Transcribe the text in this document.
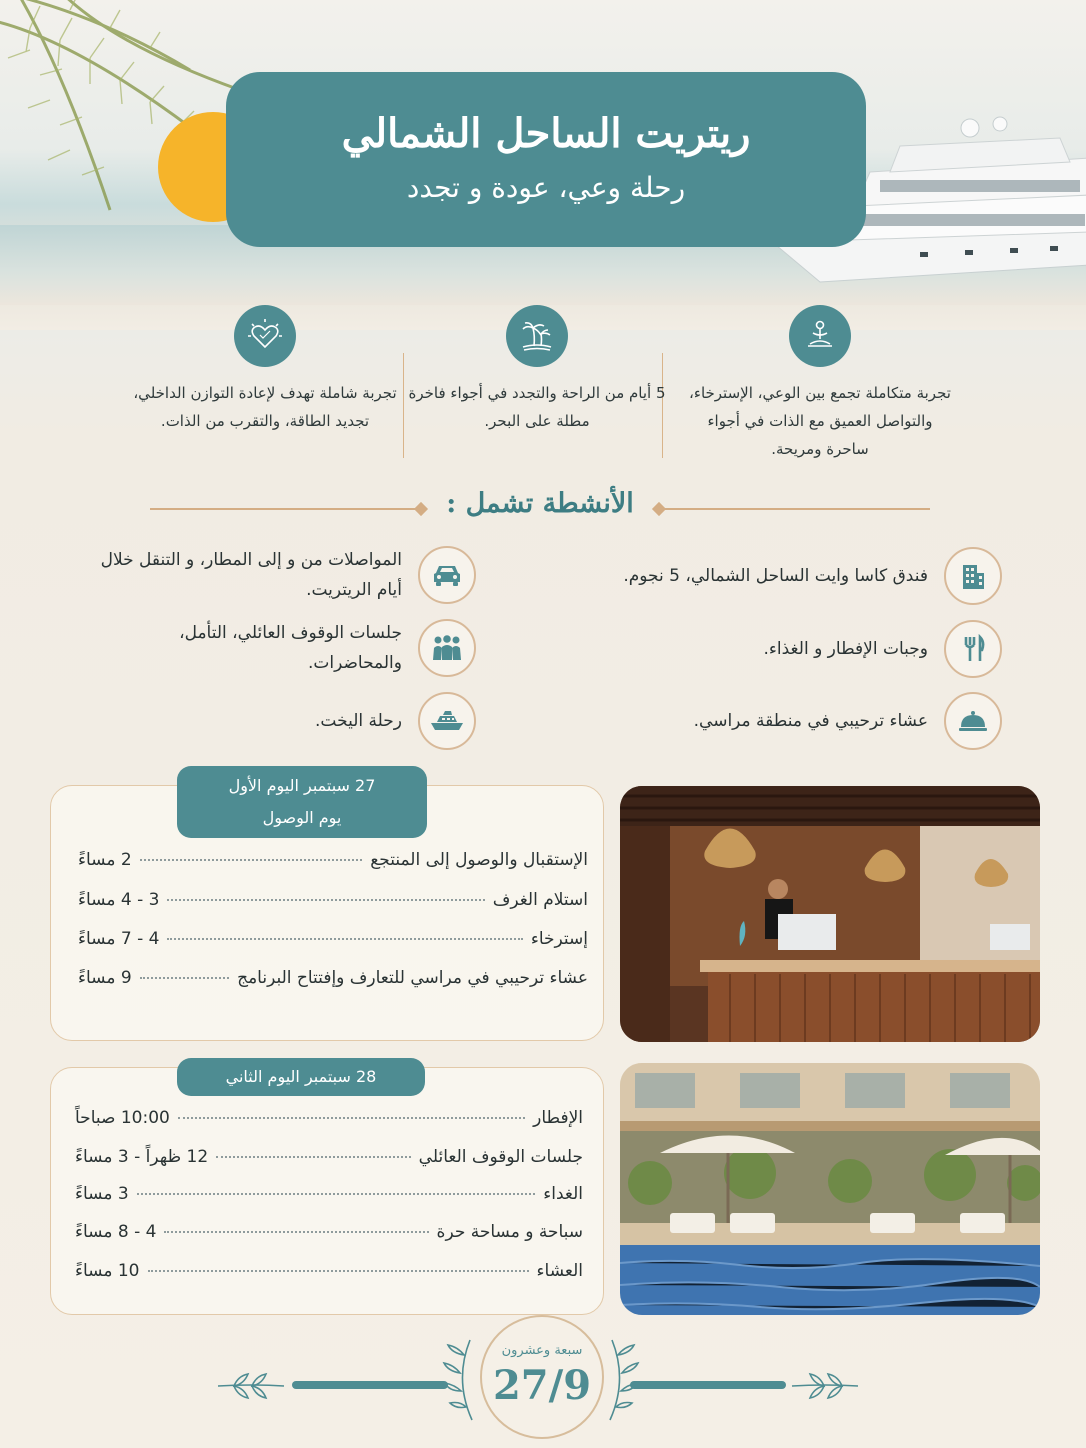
ريتريت الساحل الشمالي
رحلة وعي، عودة و تجدد

تجربة متكاملة تجمع بين الوعي، الإسترخاء، والتواصل العميق مع الذات في أجواء ساحرة ومريحة.

5 أيام من الراحة والتجدد في أجواء فاخرة مطلة على البحر.

تجربة شاملة تهدف لإعادة التوازن الداخلي، تجديد الطاقة، والتقرب من الذات.

الأنشطة تشمل :
فندق كاسا وايت الساحل الشمالي، 5 نجوم.
وجبات الإفطار و الغذاء.
عشاء ترحيبي في منطقة مراسي.
المواصلات من و إلى المطار، و التنقل خلال أيام الريتريت.
جلسات الوقوف العائلي، التأمل، والمحاضرات.
رحلة اليخت.
27 سبتمبر اليوم الأول
يوم الوصول
الإستقبال والوصول إلى المنتجع
2 مساءً
استلام الغرف
3 - 4 مساءً
إسترخاء
4 - 7 مساءً
عشاء ترحيبي في مراسي للتعارف وإفتتاح البرنامج
9 مساءً
28 سبتمبر اليوم الثاني
الإفطار
10:00 صباحاً
جلسات الوقوف العائلي
12 ظهراً - 3 مساءً
الغداء
3 مساءً
سباحة و مساحة حرة
4 - 8 مساءً
العشاء
10 مساءً
سبعة وعشرون
27/9
